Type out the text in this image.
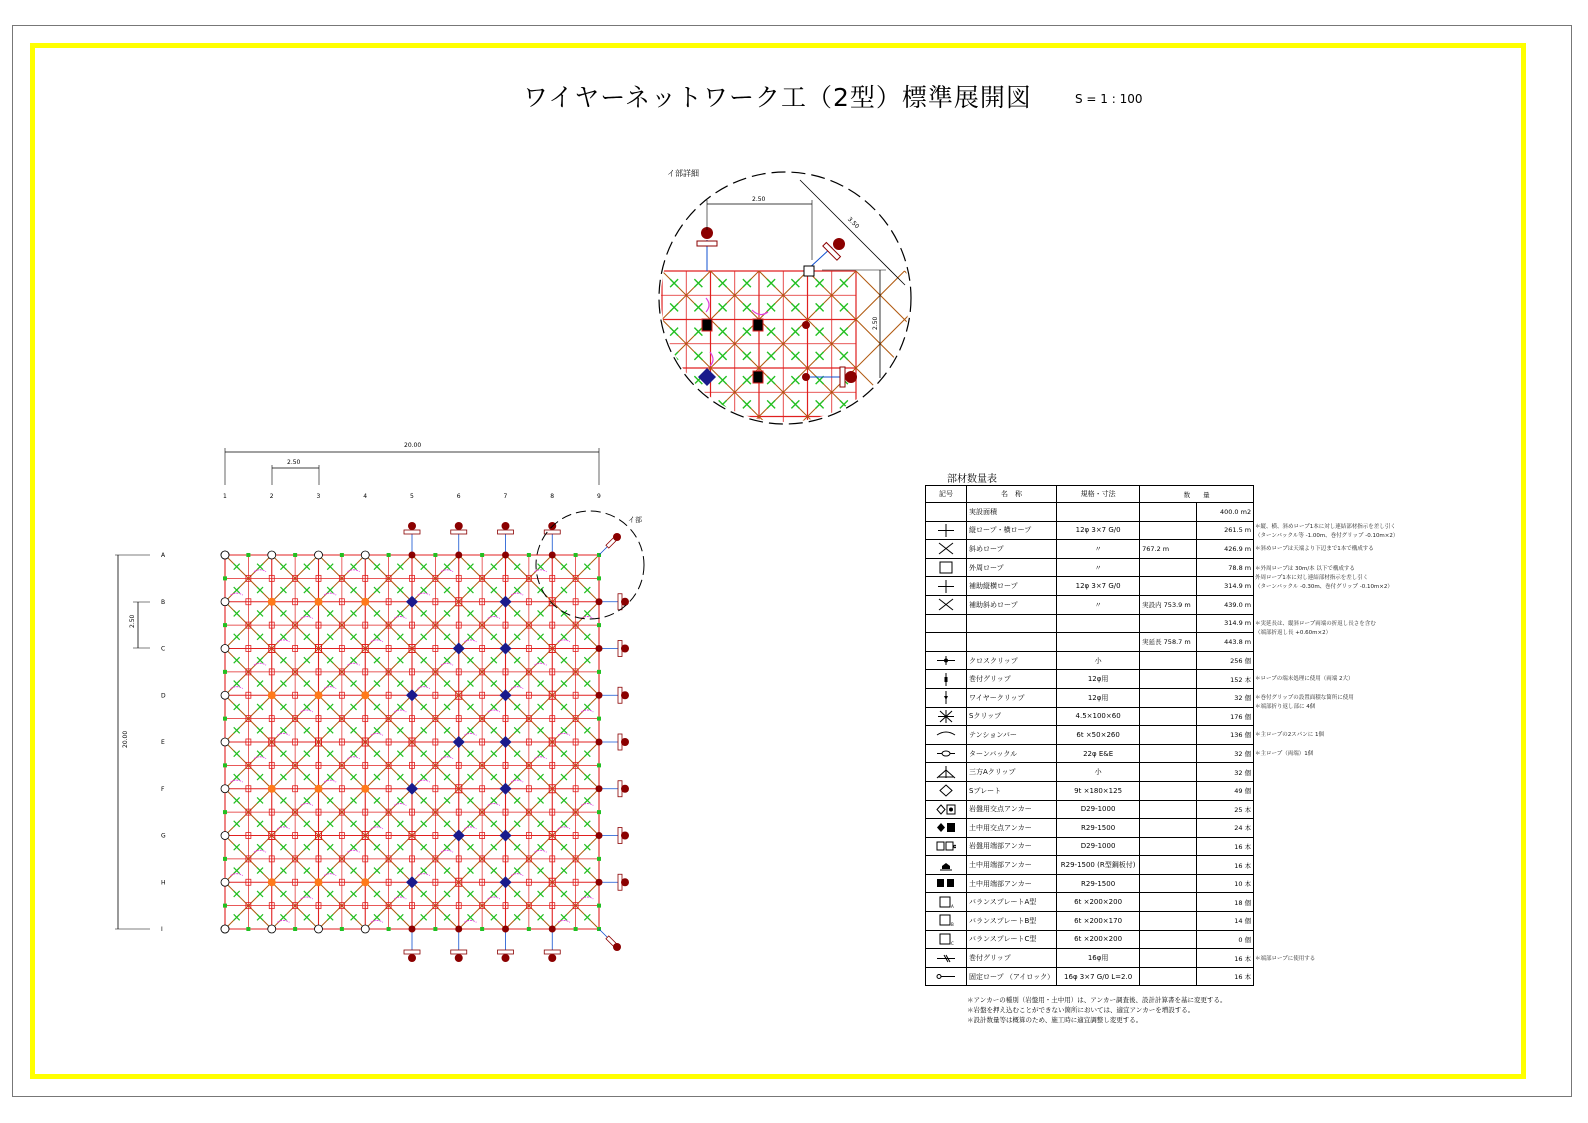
ワイヤーネットワーク工（2型）標準展開図	S = 1 : 100
イ部詳細
2.50
3.50
2.50
20.00
2.50
20.00
2.50
1	2	3	4	5	6	7	8	9
A
B
C
D
E
F
G
H
I
イ部
部材数量表
記号	名　称	規格・寸法	数　　量	
	実設面積			400.0 m2
	縦ロープ・横ロープ	12φ 3×7 G/0		261.5 m
	斜めロープ	〃	767.2 m	426.9 m
	外周ロープ	〃		78.8 m
	補助縦横ロープ	12φ 3×7 G/0		314.9 m
	補助斜めロープ	〃	実設内 753.9 m	439.0 m
				314.9 m
			実延長 758.7 m	443.8 m
	クロスクリップ	小		256 個
	巻付グリップ	12φ用		152 本
	ワイヤークリップ	12φ用		32 個
	Sクリップ	4.5×100×60		176 個
	テンションバー	6t ×50×260		136 個
	ターンバックル	22φ E&E		32 個
	三方Aクリップ	小		32 個
	Sプレート	9t ×180×125		49 個
	岩盤用交点アンカー	D29-1000		25 本
	土中用交点アンカー	R29-1500		24 本
	岩盤用端部アンカー	D29-1000		16 本
	土中用端部アンカー	R29-1500 (R型鋼板付)		16 本
	土中用端部アンカー	R29-1500		10 本

A	バランスプレートA型	6t ×200×200		18 個

B	バランスプレートB型	6t ×200×170		14 個

C	バランスプレートC型	6t ×200×200		0 個
	巻付グリップ	16φ用		16 本
	固定ロープ （アイロック）	16φ 3×7 G/0 L=2.0		16 本
＊アンカーの種別（岩盤用・土中用）は、アンカー調査後、設計計算書を基に変更する。
＊岩盤を押え込むことができない箇所においては、適宜アンカーを増設する。
＊設計数量等は概算のため、施工時に適宜調整し変更する。
＊縦、横、斜めロープ1本に対し連結部材指示を差し引く
（ターンバックル等 -1.00m、巻付グリップ -0.10m×2）
＊斜めロープは天端より下辺まで1本で構成する
＊外周ロープは 30m/本 以下で構成する
外周ロープ1本に対し連結部材指示を差し引く
（ターンバックル -0.30m、巻付グリップ -0.10m×2）
＊実延長は、縦斜ロープ両端の折返し長さを含む
（端部折返し長 +0.60m×2）
＊ロープの端末処理に使用（両端 2大）
＊巻付グリップの設置面積な箇所に使用
＊端部折り返し部に 4個
＊主ロープの2スパンに 1個
＊主ロープ（両端）1個
＊端部ロープに使用する
